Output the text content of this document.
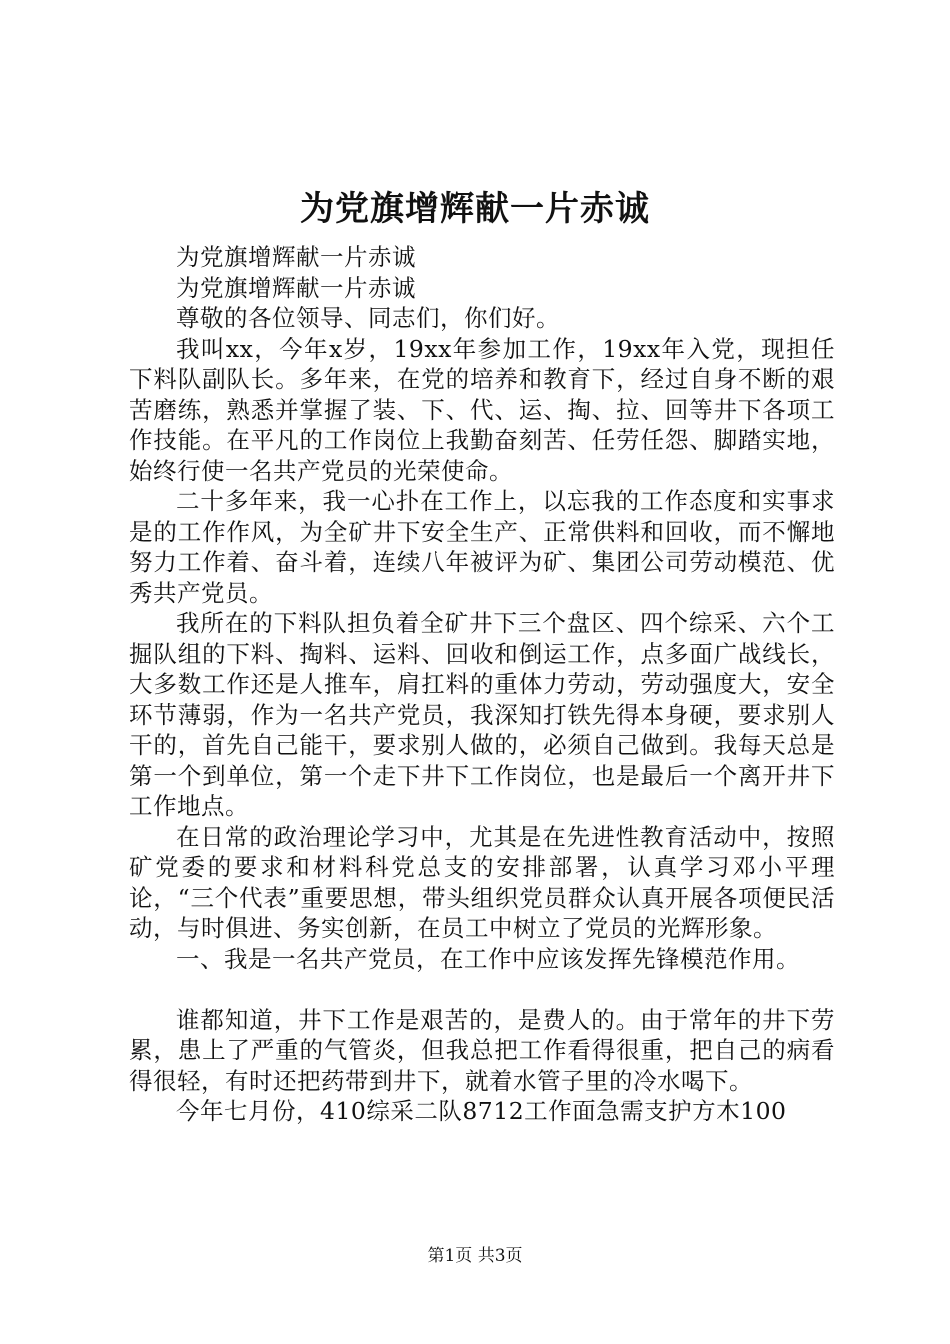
为党旗增辉献一片赤诚

为党旗增辉献一片赤诚

为党旗增辉献一片赤诚

尊敬的各位领导、同志们，你们好。

我叫xx，今年x岁，19xx年参加工作，19xx年入党，现担任下料队副队长。多年来，在党的培养和教育下，经过自身不断的艰苦磨练，熟悉并掌握了装、下、代、运、掏、拉、回等井下各项工作技能。在平凡的工作岗位上我勤奋刻苦、任劳任怨、脚踏实地，始终行使一名共产党员的光荣使命。

二十多年来，我一心扑在工作上，以忘我的工作态度和实事求是的工作作风，为全矿井下安全生产、正常供料和回收，而不懈地努力工作着、奋斗着，连续八年被评为矿、集团公司劳动模范、优秀共产党员。

我所在的下料队担负着全矿井下三个盘区、四个综采、六个工掘队组的下料、掏料、运料、回收和倒运工作，点多面广战线长，大多数工作还是人推车，肩扛料的重体力劳动，劳动强度大，安全环节薄弱，作为一名共产党员，我深知打铁先得本身硬，要求别人干的，首先自己能干，要求别人做的，必须自己做到。我每天总是第一个到单位，第一个走下井下工作岗位，也是最后一个离开井下工作地点。

在日常的政治理论学习中，尤其是在先进性教育活动中，按照矿党委的要求和材料科党总支的安排部署，认真学习邓小平理论，“三个代表”重要思想，带头组织党员群众认真开展各项便民活动，与时俱进、务实创新，在员工中树立了党员的光辉形象。

一、我是一名共产党员，在工作中应该发挥先锋模范作用。

谁都知道，井下工作是艰苦的，是费人的。由于常年的井下劳累，患上了严重的气管炎，但我总把工作看得很重，把自己的病看得很轻，有时还把药带到井下，就着水管子里的冷水喝下。

今年七月份，410综采二队8712工作面急需支护方木100

第1页 共3页
